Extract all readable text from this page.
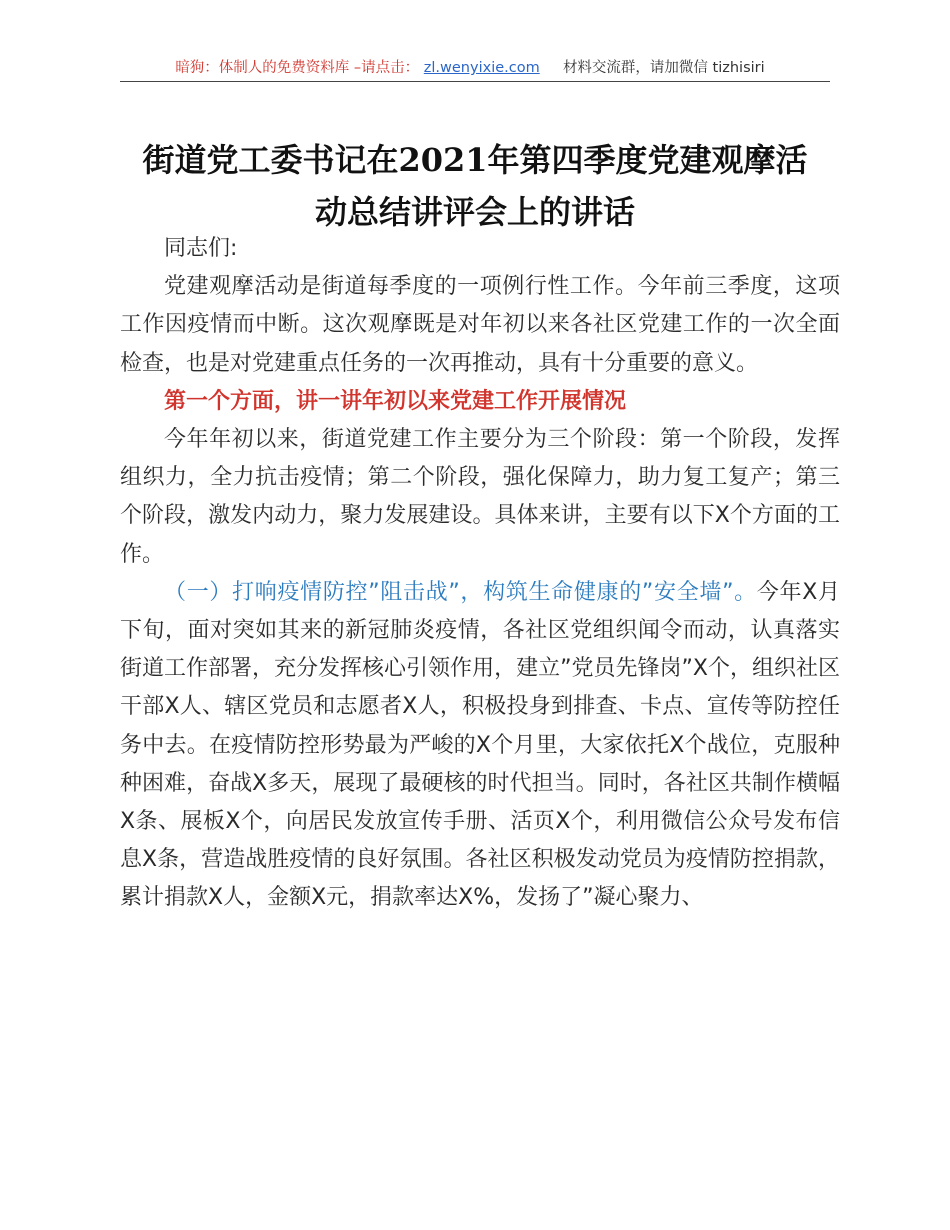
暗狗：体制人的免费资料库 –请点击： zl.wenyixie.com 材料交流群，请加微信 tizhisiri
街道党工委书记在2021年第四季度党建观摩活
动总结讲评会上的讲话

同志们:

党建观摩活动是街道每季度的一项例行性工作。今年前三季度，这项工作因疫情而中断。这次观摩既是对年初以来各社区党建工作的一次全面检查，也是对党建重点任务的一次再推动，具有十分重要的意义。

第一个方面，讲一讲年初以来党建工作开展情况

今年年初以来，街道党建工作主要分为三个阶段：第一个阶段，发挥组织力，全力抗击疫情；第二个阶段，强化保障力，助力复工复产；第三个阶段，激发内动力，聚力发展建设。具体来讲，主要有以下X个方面的工作。

（一）打响疫情防控”阻击战”，构筑生命健康的”安全墙”。今年X月下旬，面对突如其来的新冠肺炎疫情，各社区党组织闻令而动，认真落实街道工作部署，充分发挥核心引领作用，建立”党员先锋岗”X个，组织社区干部X人、辖区党员和志愿者X人，积极投身到排查、卡点、宣传等防控任务中去。在疫情防控形势最为严峻的X个月里，大家依托X个战位，克服种种困难，奋战X多天，展现了最硬核的时代担当。同时，各社区共制作横幅X条、展板X个，向居民发放宣传手册、活页X个，利用微信公众号发布信息X条，营造战胜疫情的良好氛围。各社区积极发动党员为疫情防控捐款，累计捐款X人，金额X元，捐款率达X%，发扬了”凝心聚力、
